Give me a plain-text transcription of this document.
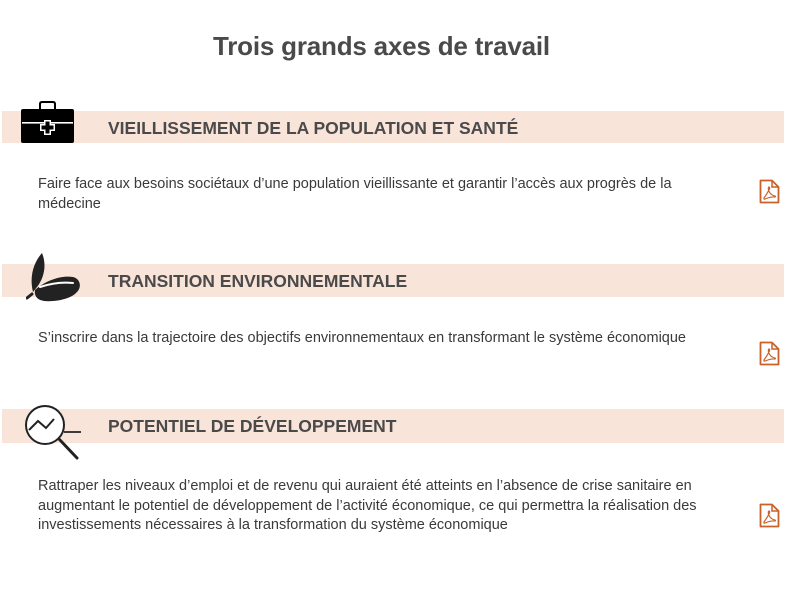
Trois grands axes de travail
VIEILLISSEMENT DE LA POPULATION ET SANTÉ
Faire face aux besoins sociétaux d’une population vieillissante et garantir l’accès aux progrès de la médecine
TRANSITION ENVIRONNEMENTALE
S’inscrire dans la trajectoire des objectifs environnementaux en transformant le système économique
POTENTIEL DE DÉVELOPPEMENT
Rattraper les niveaux d’emploi et de revenu qui auraient été atteints en l’absence de crise sanitaire en augmentant le potentiel de développement de l’activité économique, ce qui permettra la réalisation des investissements nécessaires à la transformation du système économique
